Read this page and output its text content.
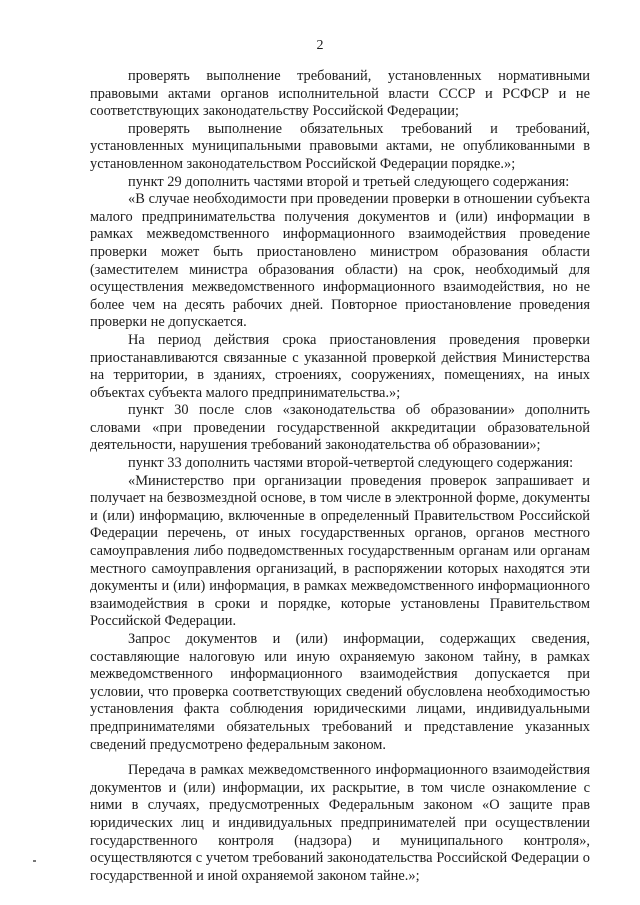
2

проверять выполнение требований, установленных нормативными правовыми актами органов исполнительной власти СССР и РСФСР и не соответствующих законодательству Российской Федерации;

проверять выполнение обязательных требований и требований, установленных муниципальными правовыми актами, не опубликованными в установленном законодательством Российской Федерации порядке.»;

пункт 29 дополнить частями второй и третьей следующего содержания:

«В случае необходимости при проведении проверки в отношении субъекта малого предпринимательства получения документов и (или) информации в рамках межведомственного информационного взаимодействия проведение проверки может быть приостановлено министром образования области (заместителем министра образования области) на срок, необходимый для осуществления межведомственного информационного взаимодействия, но не более чем на десять рабочих дней. Повторное приостановление проведения проверки не допускается.

На период действия срока приостановления проведения проверки приостанавливаются связанные с указанной проверкой действия Министерства на территории, в зданиях, строениях, сооружениях, помещениях, на иных объектах субъекта малого предпринимательства.»;

пункт 30 после слов «законодательства об образовании» дополнить словами «при проведении государственной аккредитации образовательной деятельности, нарушения требований законодательства об образовании»;

пункт 33 дополнить частями второй-четвертой следующего содержания:

«Министерство при организации проведения проверок запрашивает и получает на безвозмездной основе, в том числе в электронной форме, документы и (или) информацию, включенные в определенный Правительством Российской Федерации перечень, от иных государственных органов, органов местного самоуправления либо подведомственных государственным органам или органам местного самоуправления организаций, в распоряжении которых находятся эти документы и (или) информация, в рамках межведомственного информационного взаимодействия в сроки и порядке, которые установлены Правительством Российской Федерации.

Запрос документов и (или) информации, содержащих сведения, составляющие налоговую или иную охраняемую законом тайну, в рамках межведомственного информационного взаимодействия допускается при условии, что проверка соответствующих сведений обусловлена необходимостью установления факта соблюдения юридическими лицами, индивидуальными предпринимателями обязательных требований и представление указанных сведений предусмотрено федеральным законом.

Передача в рамках межведомственного информационного взаимодействия документов и (или) информации, их раскрытие, в том числе ознакомление с ними в случаях, предусмотренных Федеральным законом «О защите прав юридических лиц и индивидуальных предпринимателей при осуществлении государственного контроля (надзора) и муниципального контроля», осуществляются с учетом требований законодательства Российской Федерации о государственной и иной охраняемой законом тайне.»;
